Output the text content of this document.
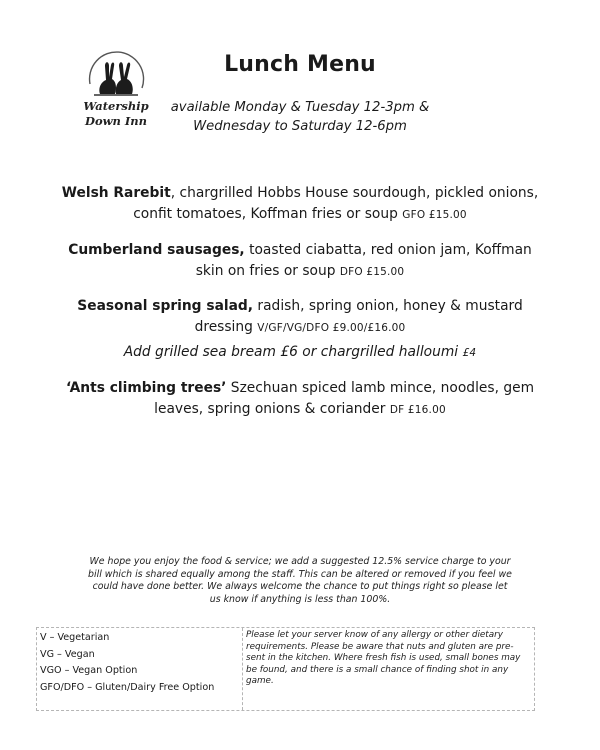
Watership
Down Inn
Lunch Menu
available Monday & Tuesday 12-3pm &
Wednesday to Saturday 12-6pm
Welsh Rarebit, chargrilled Hobbs House sourdough, pickled onions,
confit tomatoes, Koffman fries or soup GFO £15.00
Cumberland sausages, toasted ciabatta, red onion jam, Koffman
skin on fries or soup DFO £15.00
Seasonal spring salad, radish, spring onion, honey & mustard
dressing V/GF/VG/DFO £9.00/£16.00
Add grilled sea bream £6 or chargrilled halloumi £4
‘Ants climbing trees’ Szechuan spiced lamb mince, noodles, gem
leaves, spring onions & coriander DF £16.00
We hope you enjoy the food & service; we add a suggested 12.5% service charge to your
bill which is shared equally among the staff. This can be altered or removed if you feel we
could have done better. We always welcome the chance to put things right so please let
us know if anything is less than 100%.
V – Vegetarian
VG – Vegan
VGO – Vegan Option
GFO/DFO – Gluten/Dairy Free Option
Please let your server know of any allergy or other dietary
requirements. Please be aware that nuts and gluten are pre-
sent in the kitchen. Where fresh fish is used, small bones may
be found, and there is a small chance of finding shot in any
game.
